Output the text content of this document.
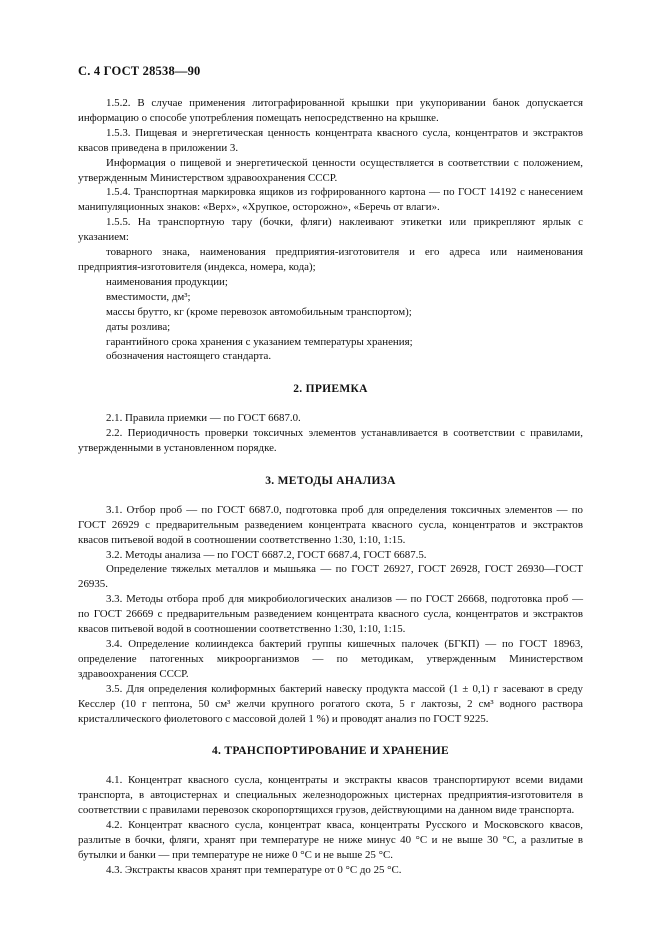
С. 4 ГОСТ 28538—90

1.5.2. В случае применения литографированной крышки при укупоривании банок допускается информацию о способе употребления помещать непосредственно на крышке.

1.5.3. Пищевая и энергетическая ценность концентрата квасного сусла, концентратов и экстрактов квасов приведена в приложении 3.

Информация о пищевой и энергетической ценности осуществляется в соответствии с положением, утвержденным Министерством здравоохранения СССР.

1.5.4. Транспортная маркировка ящиков из гофрированного картона — по ГОСТ 14192 с нанесением манипуляционных знаков: «Верх», «Хрупкое, осторожно», «Беречь от влаги».

1.5.5. На транспортную тару (бочки, фляги) наклеивают этикетки или прикрепляют ярлык с указанием:

товарного знака, наименования предприятия-изготовителя и его адреса или наименования предприятия-изготовителя (индекса, номера, кода);

наименования продукции;

вместимости, дм³;

массы брутто, кг (кроме перевозок автомобильным транспортом);

даты розлива;

гарантийного срока хранения с указанием температуры хранения;

обозначения настоящего стандарта.

2. ПРИЕМКА

2.1. Правила приемки — по ГОСТ 6687.0.

2.2. Периодичность проверки токсичных элементов устанавливается в соответствии с правилами, утвержденными в установленном порядке.

3. МЕТОДЫ АНАЛИЗА

3.1. Отбор проб — по ГОСТ 6687.0, подготовка проб для определения токсичных элементов — по ГОСТ 26929 с предварительным разведением концентрата квасного сусла, концентратов и экстрактов квасов питьевой водой в соотношении соответственно 1:30, 1:10, 1:15.

3.2. Методы анализа — по ГОСТ 6687.2, ГОСТ 6687.4, ГОСТ 6687.5.

Определение тяжелых металлов и мышьяка — по ГОСТ 26927, ГОСТ 26928, ГОСТ 26930—ГОСТ 26935.

3.3. Методы отбора проб для микробиологических анализов — по ГОСТ 26668, подготовка проб — по ГОСТ 26669 с предварительным разведением концентрата квасного сусла, концентратов и экстрактов квасов питьевой водой в соотношении соответственно 1:30, 1:10, 1:15.

3.4. Определение колииндекса бактерий группы кишечных палочек (БГКП) — по ГОСТ 18963, определение патогенных микроорганизмов — по методикам, утвержденным Министерством здравоохранения СССР.

3.5. Для определения колиформных бактерий навеску продукта массой (1 ± 0,1) г засевают в среду Кесслер (10 г пептона, 50 см³ желчи крупного рогатого скота, 5 г лактозы, 2 см³ водного раствора кристаллического фиолетового с массовой долей 1 %) и проводят анализ по ГОСТ 9225.

4. ТРАНСПОРТИРОВАНИЕ И ХРАНЕНИЕ

4.1. Концентрат квасного сусла, концентраты и экстракты квасов транспортируют всеми видами транспорта, в автоцистернах и специальных железнодорожных цистернах предприятия-изготовителя в соответствии с правилами перевозок скоропортящихся грузов, действующими на данном виде транспорта.

4.2. Концентрат квасного сусла, концентрат кваса, концентраты Русского и Московского квасов, разлитые в бочки, фляги, хранят при температуре не ниже минус 40 °С и не выше 30 °С, а разлитые в бутылки и банки — при температуре не ниже 0 °С и не выше 25 °С.

4.3. Экстракты квасов хранят при температуре от 0 °С до 25 °С.
